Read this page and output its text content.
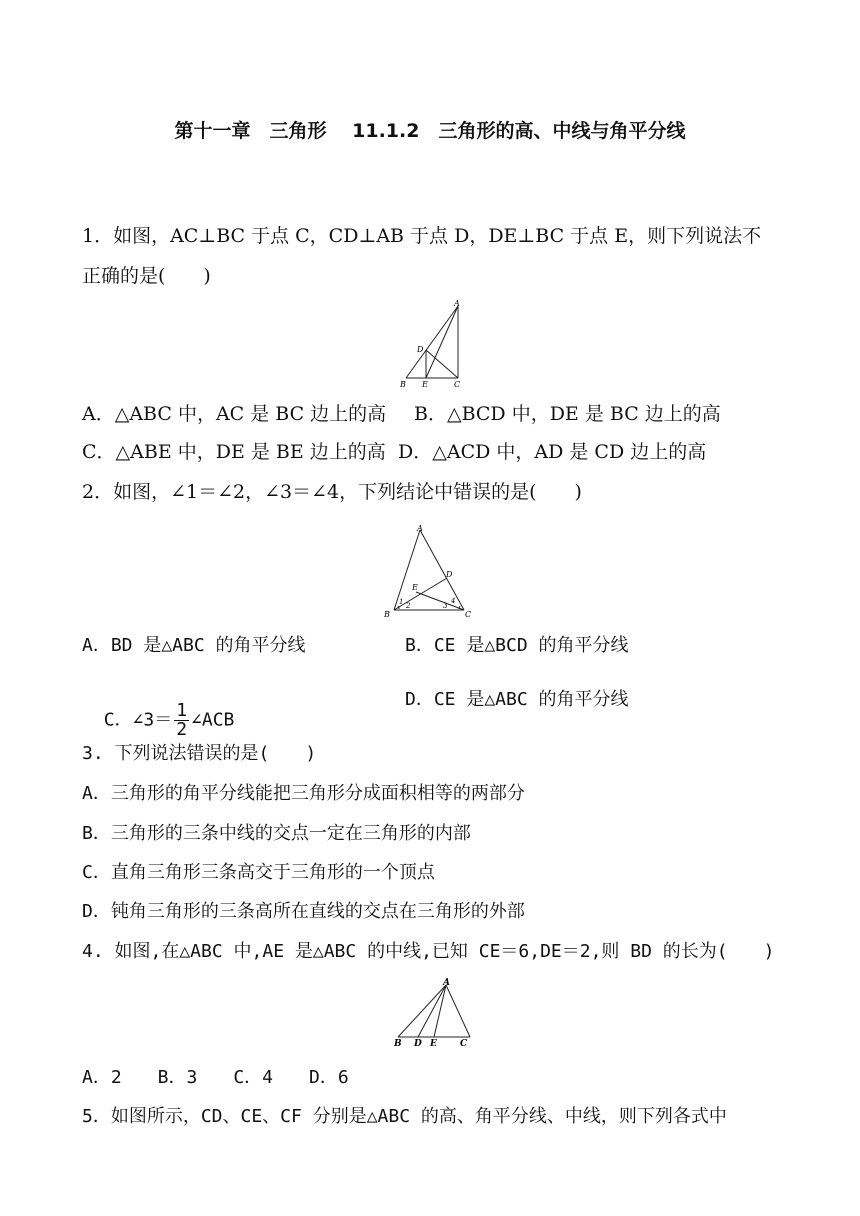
第十一章　三角形　 11.1.2　三角形的高、中线与角平分线
1．如图，AC⊥BC 于点 C，CD⊥AB 于点 D，DE⊥BC 于点 E，则下列说法不
正确的是(　　)
A
D
B E	C
A．△ABC 中，AC 是 BC 边上的高 B．△BCD 中，DE 是 BC 边上的高
C．△ABE 中，DE 是 BE 边上的高 D．△ACD 中，AD 是 CD 边上的高
2．如图，∠1＝∠2，∠3＝∠4，下列结论中错误的是(　　)
A
D
E
B	C
1 2	3
4
A．BD 是△ABC 的角平分线	B．CE 是△BCD 的角平分线

C．∠3＝ $\frac{1}{2}$ ∠ACB

D．CE 是△ABC 的角平分线
3. 下列说法错误的是(　　)
A．三角形的角平分线能把三角形分成面积相等的两部分
B．三角形的三条中线的交点一定在三角形的内部
C．直角三角形三条高交于三角形的一个顶点
D．钝角三角形的三条高所在直线的交点在三角形的外部
4. 如图,在△ABC 中,AE 是△ABC 的中线,已知 CE＝6,DE＝2,则 BD 的长为(　　)
A
B D E	C
A．2　　B．3　　C．4　　D．6
5．如图所示，CD、CE、CF 分别是△ABC 的高、角平分线、中线，则下列各式中
